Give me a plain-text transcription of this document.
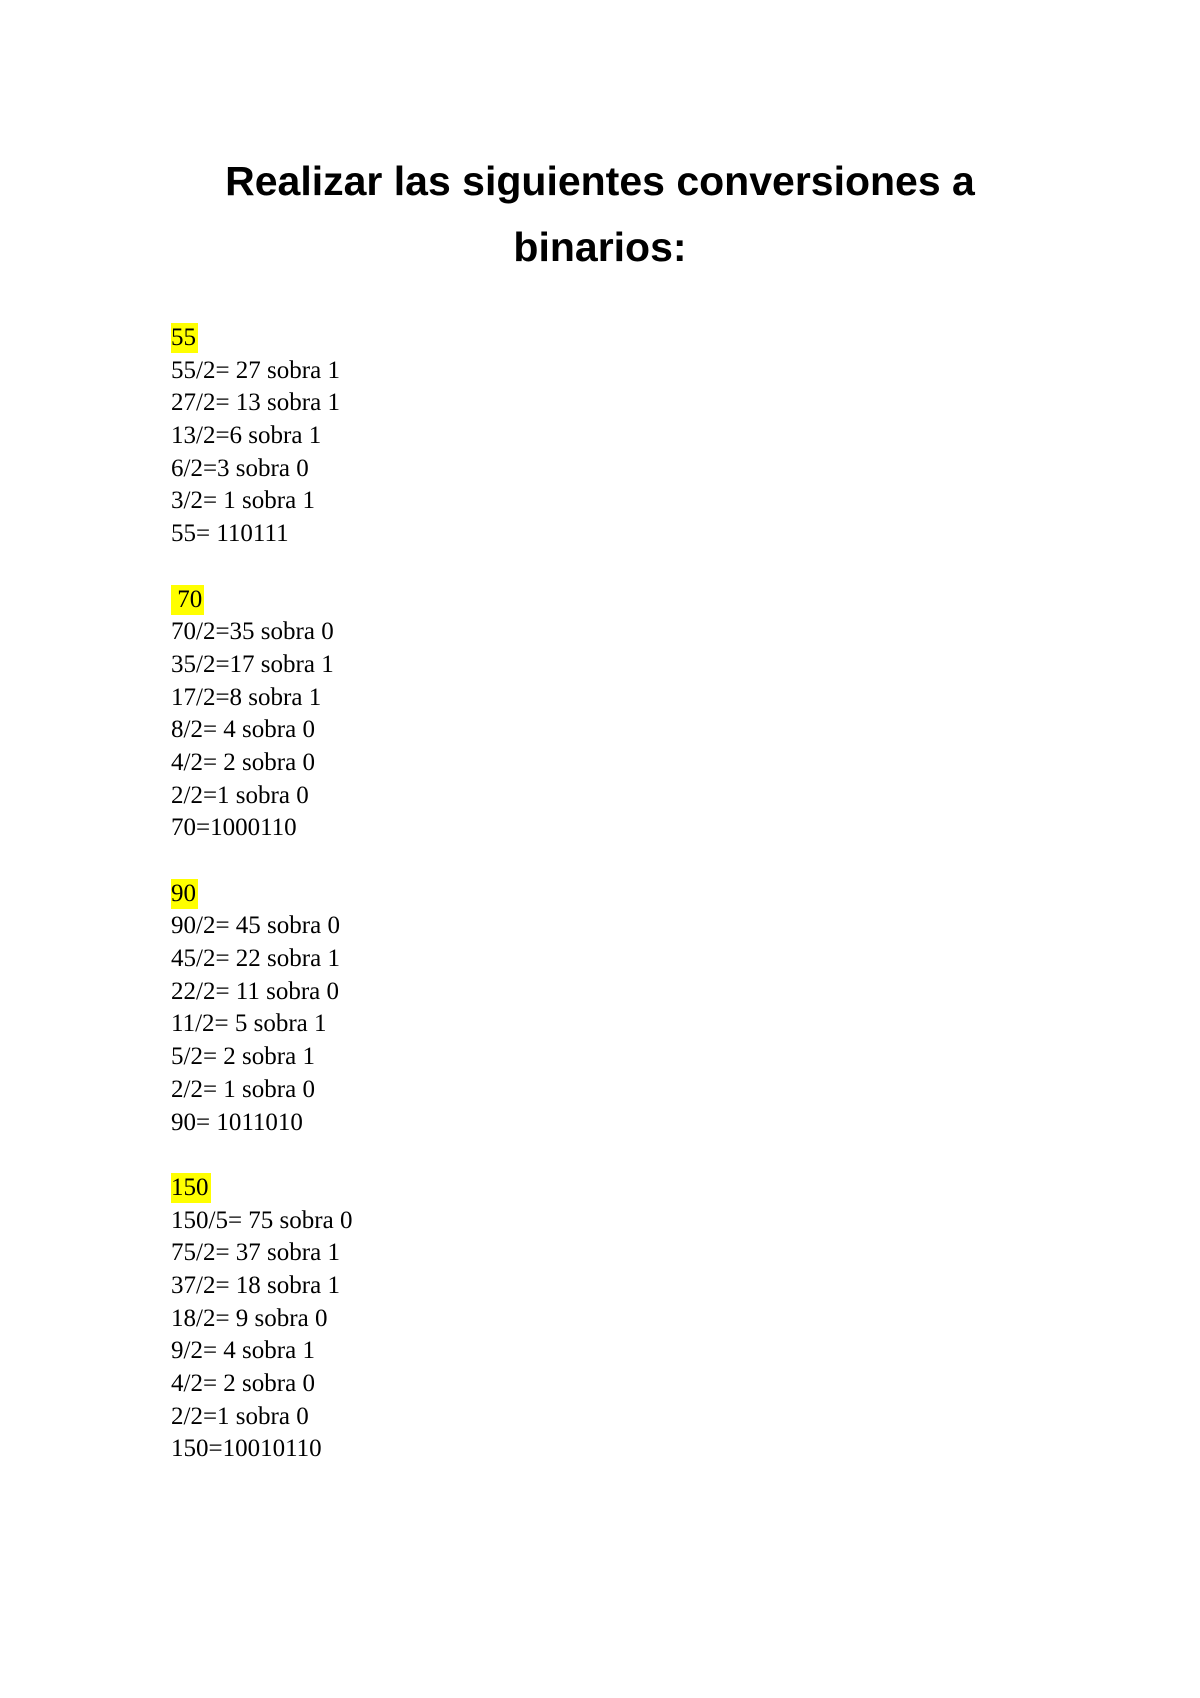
Realizar las siguientes conversiones a binarios:
55
55/2= 27 sobra 1
27/2= 13 sobra 1
13/2=6 sobra 1
6/2=3 sobra 0
3/2= 1 sobra 1
55= 110111
70
70/2=35 sobra 0
35/2=17 sobra 1
17/2=8 sobra 1
8/2= 4 sobra 0
4/2= 2 sobra 0
2/2=1 sobra 0
70=1000110
90
90/2= 45 sobra 0
45/2= 22 sobra 1
22/2= 11 sobra 0
11/2= 5 sobra 1
5/2= 2 sobra 1
2/2= 1 sobra 0
90= 1011010
150
150/5= 75 sobra 0
75/2= 37 sobra 1
37/2= 18 sobra 1
18/2= 9 sobra 0
9/2= 4 sobra 1
4/2= 2 sobra 0
2/2=1 sobra 0
150=10010110
